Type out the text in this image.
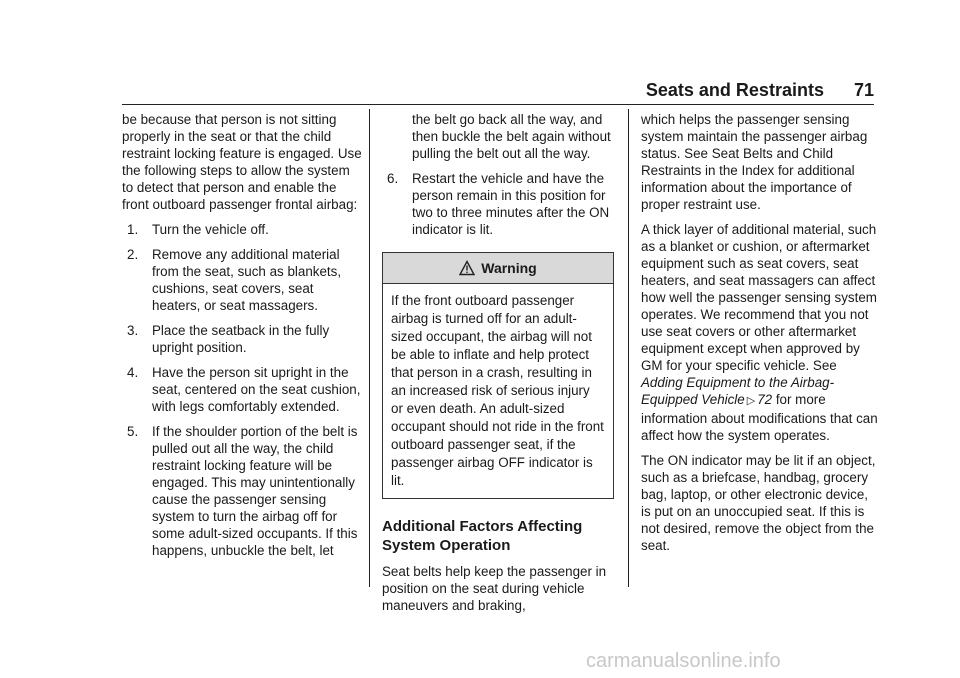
Seats and Restraints 71

be because that person is not sitting properly in the seat or that the child restraint locking feature is engaged. Use the following steps to allow the system to detect that person and enable the front outboard passenger frontal airbag:

1. Turn the vehicle off.
2. Remove any additional material from the seat, such as blankets, cushions, seat covers, seat heaters, or seat massagers.
3. Place the seatback in the fully upright position.
4. Have the person sit upright in the seat, centered on the seat cushion, with legs comfortably extended.
5. If the shoulder portion of the belt is pulled out all the way, the child restraint locking feature will be engaged. This may unintentionally cause the passenger sensing system to turn the airbag off for some adult-sized occupants. If this happens, unbuckle the belt, let
the belt go back all the way, and then buckle the belt again without pulling the belt out all the way.
6. Restart the vehicle and have the person remain in this position for two to three minutes after the ON indicator is lit.
Warning
If the front outboard passenger airbag is turned off for an adult-sized occupant, the airbag will not be able to inflate and help protect that person in a crash, resulting in an increased risk of serious injury or even death. An adult-sized occupant should not ride in the front outboard passenger seat, if the passenger airbag OFF indicator is lit.
Additional Factors Affecting System Operation

Seat belts help keep the passenger in position on the seat during vehicle maneuvers and braking,

which helps the passenger sensing system maintain the passenger airbag status. See Seat Belts and Child Restraints in the Index for additional information about the importance of proper restraint use.

A thick layer of additional material, such as a blanket or cushion, or aftermarket equipment such as seat covers, seat heaters, and seat massagers can affect how well the passenger sensing system operates. We recommend that you not use seat covers or other aftermarket equipment except when approved by GM for your specific vehicle. See Adding Equipment to the Airbag-Equipped Vehicle ▷ 72 for more information about modifications that can affect how the system operates.

The ON indicator may be lit if an object, such as a briefcase, handbag, grocery bag, laptop, or other electronic device, is put on an unoccupied seat. If this is not desired, remove the object from the seat.

carmanualsonline.info
